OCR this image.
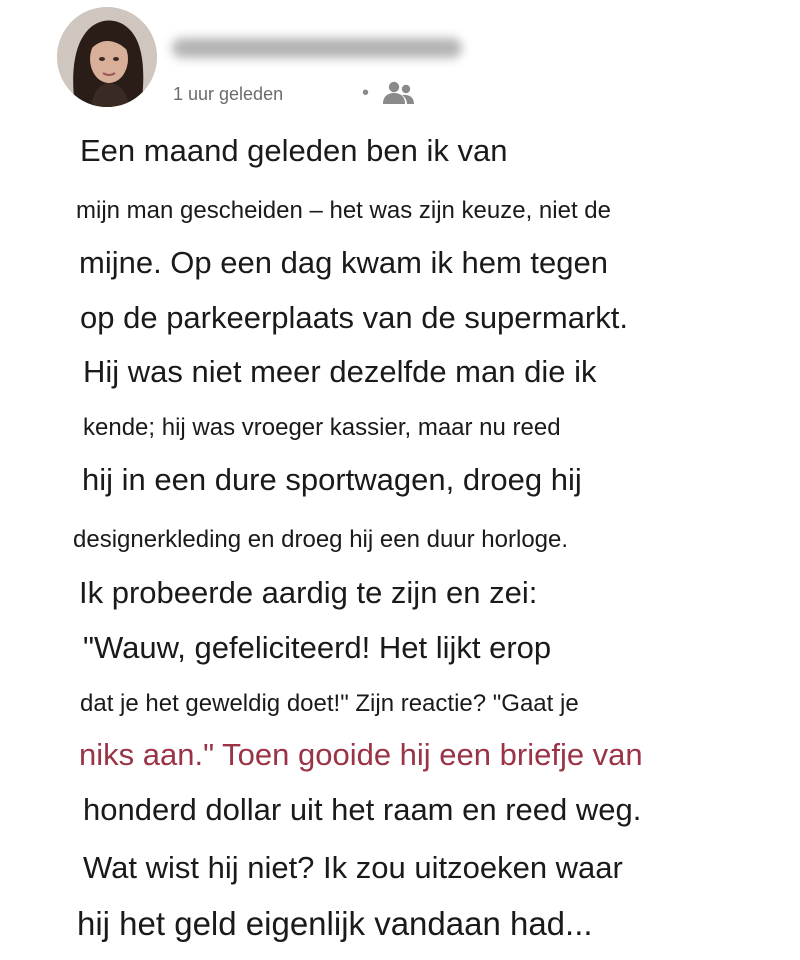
1 uur geleden	•
Een maand geleden ben ik van
mijn man gescheiden – het was zijn keuze, niet de
mijne. Op een dag kwam ik hem tegen
op de parkeerplaats van de supermarkt.
Hij was niet meer dezelfde man die ik
kende; hij was vroeger kassier, maar nu reed
hij in een dure sportwagen, droeg hij
designerkleding en droeg hij een duur horloge.
Ik probeerde aardig te zijn en zei:
"Wauw, gefeliciteerd! Het lijkt erop
dat je het geweldig doet!" Zijn reactie? "Gaat je
niks aan." Toen gooide hij een briefje van
honderd dollar uit het raam en reed weg.
Wat wist hij niet? Ik zou uitzoeken waar
hij het geld eigenlijk vandaan had...
